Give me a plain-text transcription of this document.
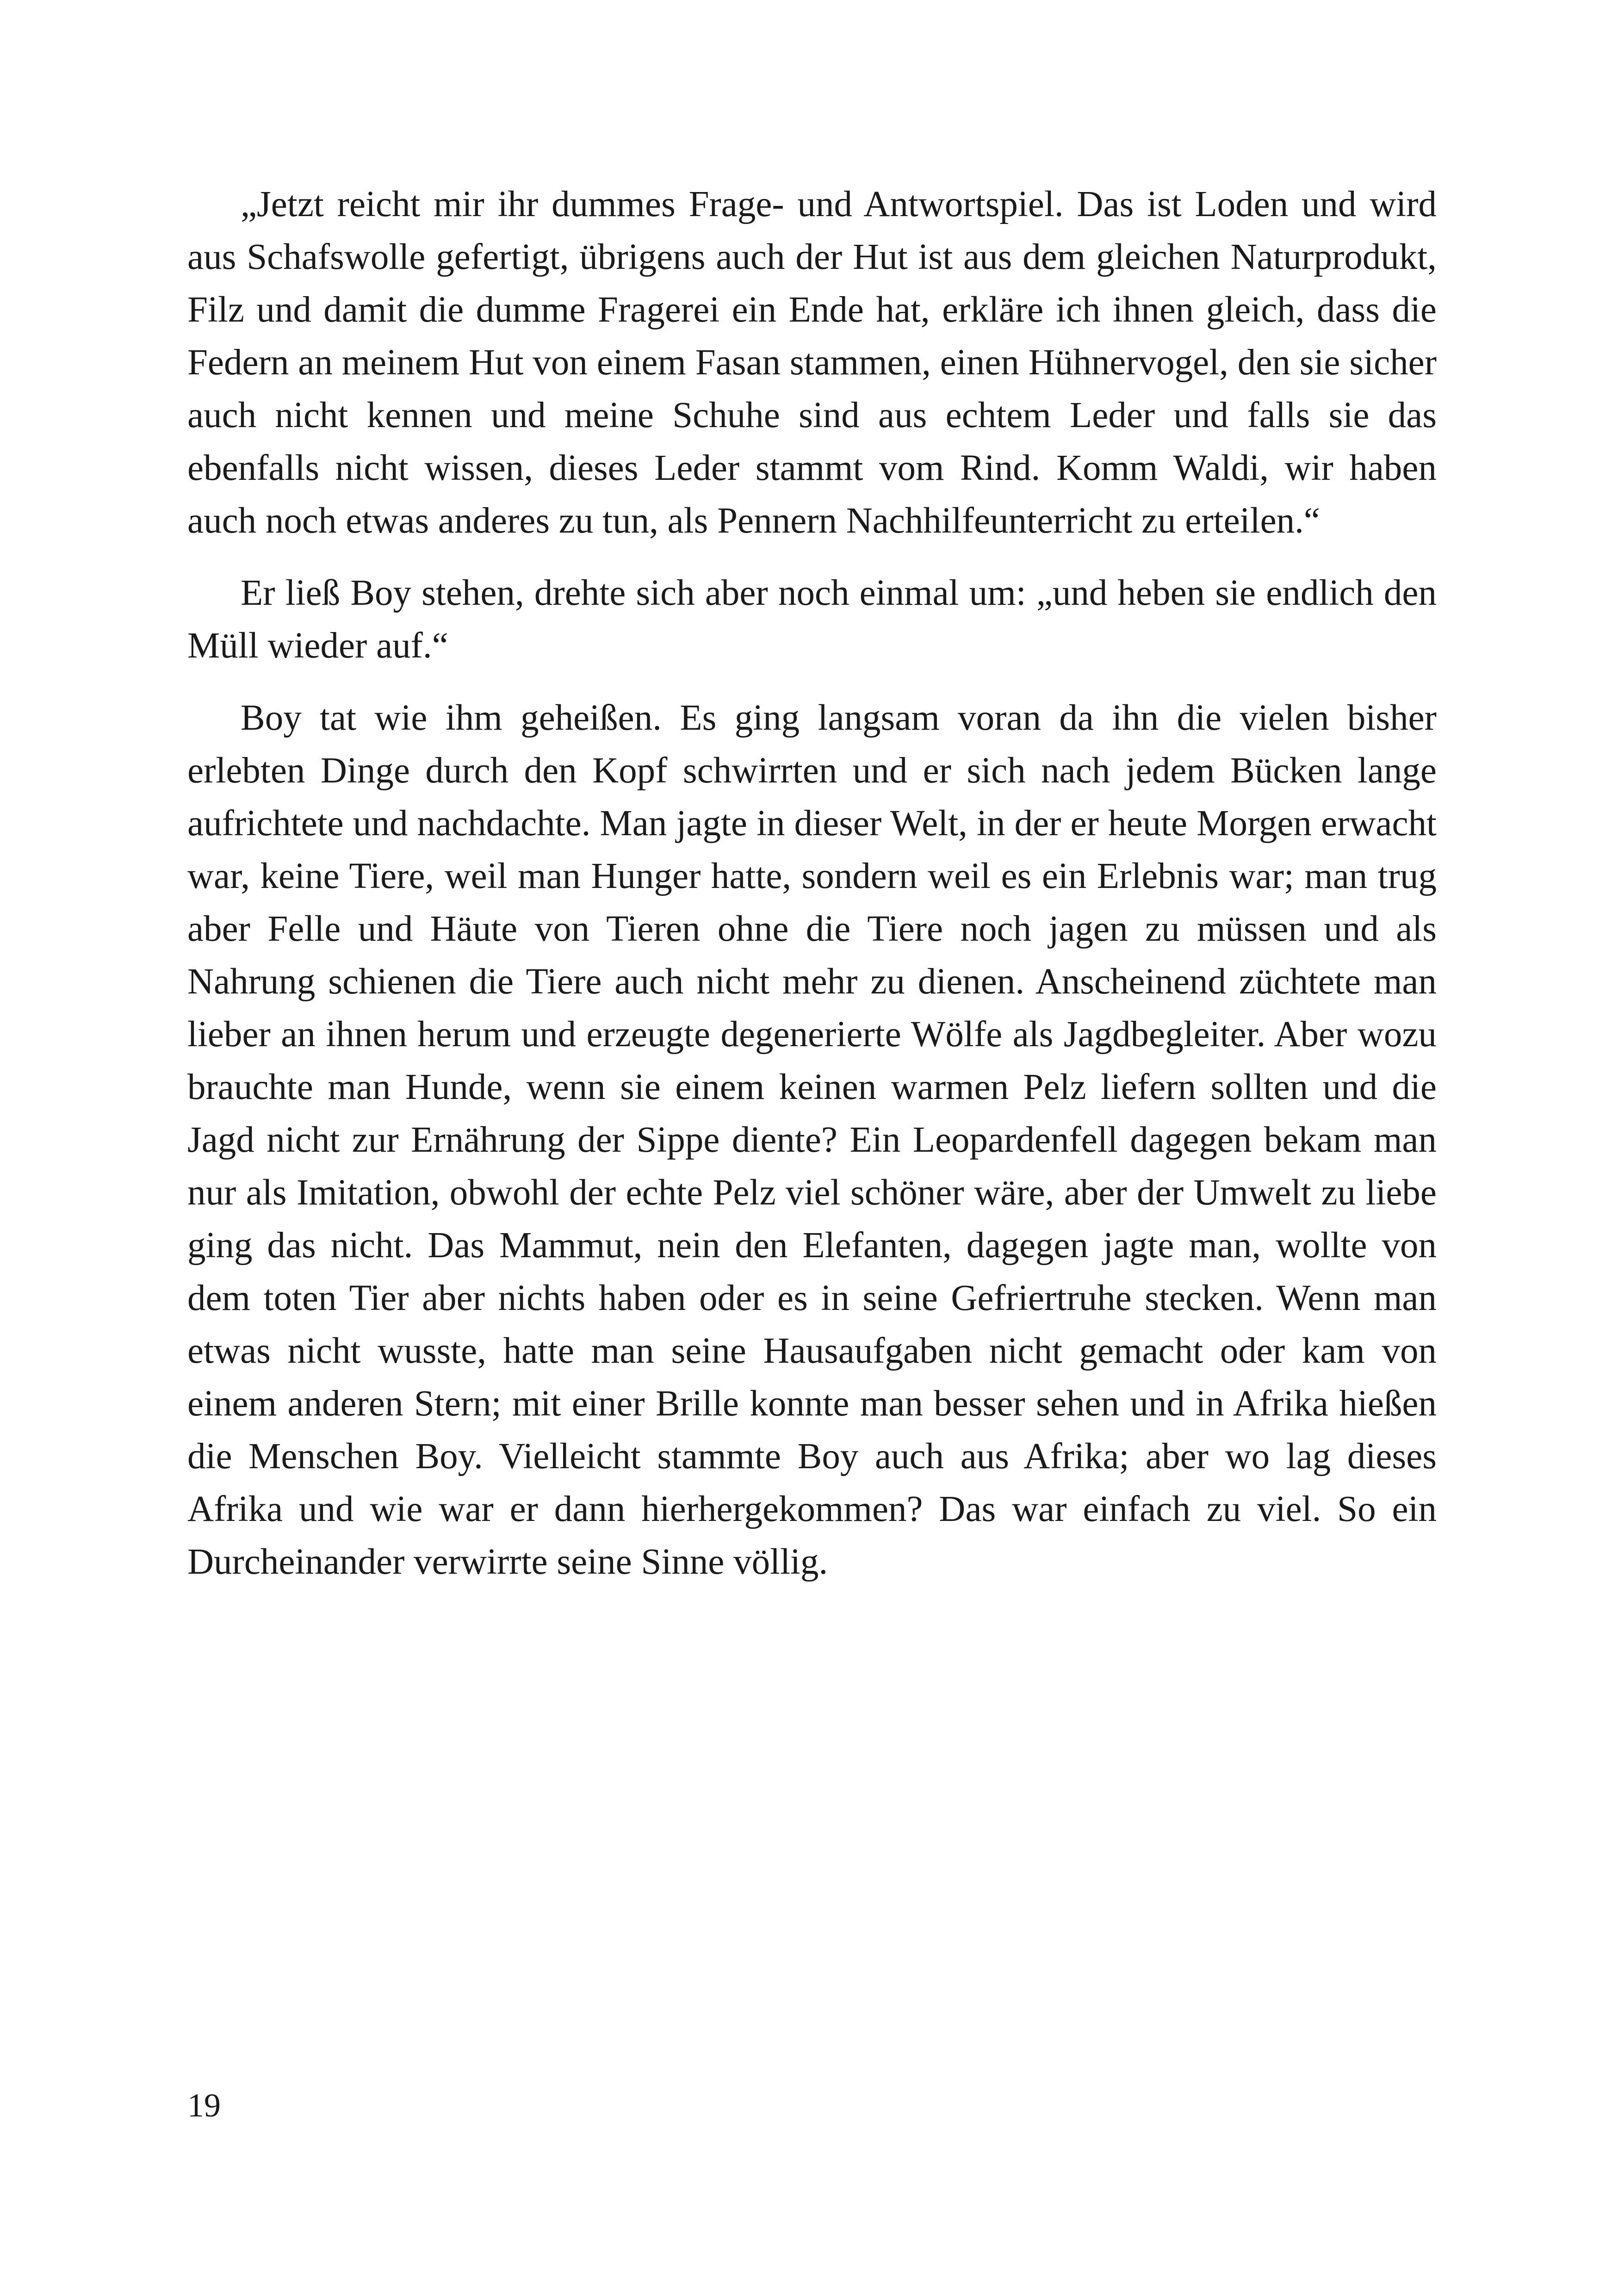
„Jetzt reicht mir ihr dummes Frage- und Antwortspiel. Das ist Loden und wird aus Schafswolle gefertigt, übrigens auch der Hut ist aus dem gleichen Naturprodukt, Filz und damit die dumme Fragerei ein Ende hat, erkläre ich ihnen gleich, dass die Federn an meinem Hut von einem Fasan stammen, einen Hühnervogel, den sie sicher auch nicht kennen und meine Schuhe sind aus echtem Leder und falls sie das ebenfalls nicht wissen, dieses Leder stammt vom Rind. Komm Waldi, wir haben auch noch etwas anderes zu tun, als Pennern Nachhilfeunterricht zu erteilen.“

Er ließ Boy stehen, drehte sich aber noch einmal um: „und heben sie endlich den Müll wieder auf.“

Boy tat wie ihm geheißen. Es ging langsam voran da ihn die vielen bisher erlebten Dinge durch den Kopf schwirrten und er sich nach jedem Bücken lange aufrichtete und nachdachte. Man jagte in dieser Welt, in der er heute Morgen erwacht war, keine Tiere, weil man Hunger hatte, sondern weil es ein Erlebnis war; man trug aber Felle und Häute von Tieren ohne die Tiere noch jagen zu müssen und als Nahrung schienen die Tiere auch nicht mehr zu dienen. Anscheinend züchtete man lieber an ihnen herum und erzeugte degenerierte Wölfe als Jagdbegleiter. Aber wozu brauchte man Hunde, wenn sie einem keinen warmen Pelz liefern sollten und die Jagd nicht zur Ernährung der Sippe diente? Ein Leopardenfell dagegen bekam man nur als Imitation, obwohl der echte Pelz viel schöner wäre, aber der Umwelt zu liebe ging das nicht. Das Mammut, nein den Elefanten, dagegen jagte man, wollte von dem toten Tier aber nichts haben oder es in seine Gefriertruhe stecken. Wenn man etwas nicht wusste, hatte man seine Hausaufgaben nicht gemacht oder kam von einem anderen Stern; mit einer Brille konnte man besser sehen und in Afrika hießen die Menschen Boy. Vielleicht stammte Boy auch aus Afrika; aber wo lag dieses Afrika und wie war er dann hierhergekommen? Das war einfach zu viel. So ein Durcheinander verwirrte seine Sinne völlig.

19
